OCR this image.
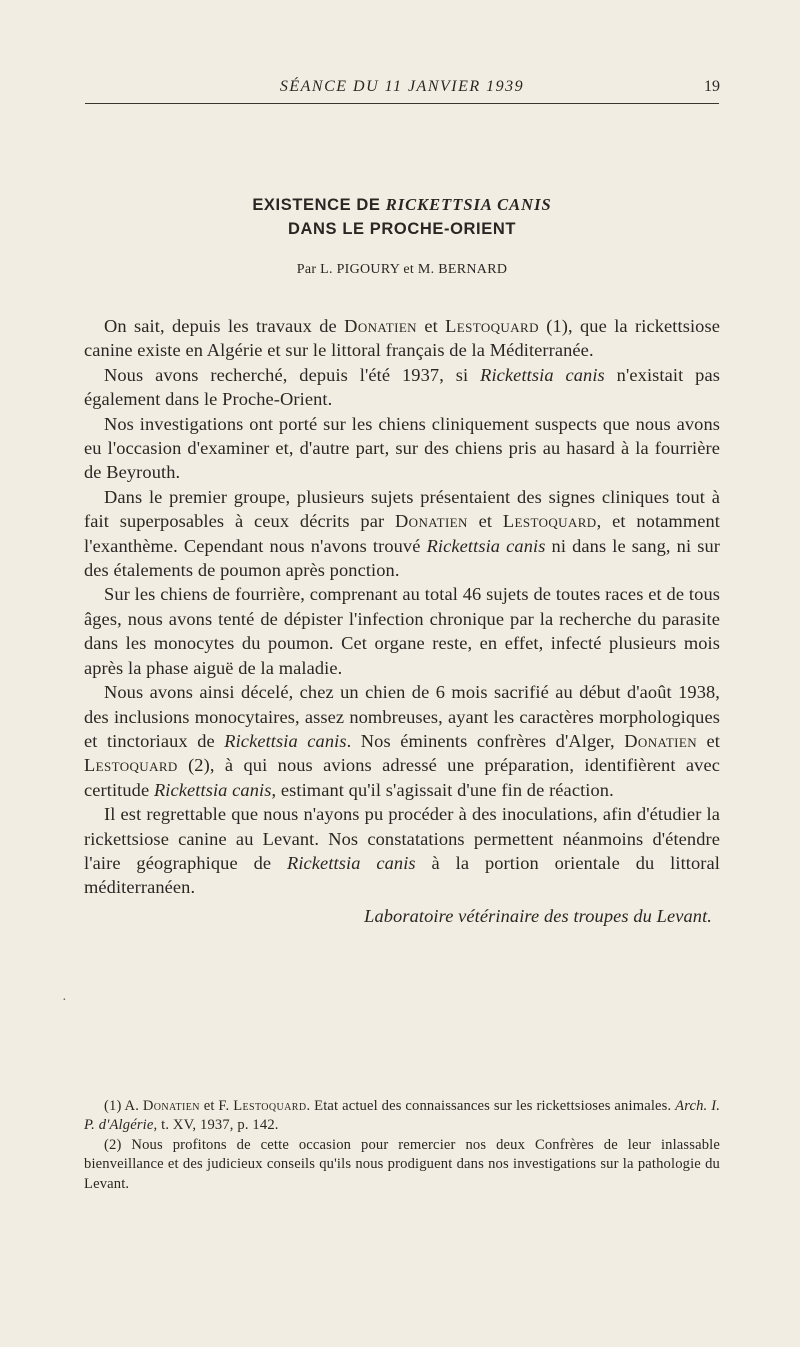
SÉANCE DU 11 JANVIER 1939	19
EXISTENCE DE RICKETTSIA CANIS
DANS LE PROCHE-ORIENT
Par L. PIGOURY et M. BERNARD

On sait, depuis les travaux de Donatien et Lestoquard (1), que la rickettsiose canine existe en Algérie et sur le littoral français de la Méditerranée.

Nous avons recherché, depuis l'été 1937, si Rickettsia canis n'existait pas également dans le Proche-Orient.

Nos investigations ont porté sur les chiens cliniquement suspects que nous avons eu l'occasion d'examiner et, d'autre part, sur des chiens pris au hasard à la fourrière de Beyrouth.

Dans le premier groupe, plusieurs sujets présentaient des signes cliniques tout à fait superposables à ceux décrits par Donatien et Lestoquard, et notamment l'exanthème. Cependant nous n'avons trouvé Rickettsia canis ni dans le sang, ni sur des étalements de poumon après ponction.

Sur les chiens de fourrière, comprenant au total 46 sujets de toutes races et de tous âges, nous avons tenté de dépister l'infection chronique par la recherche du parasite dans les monocytes du poumon. Cet organe reste, en effet, infecté plusieurs mois après la phase aiguë de la maladie.

Nous avons ainsi décelé, chez un chien de 6 mois sacrifié au début d'août 1938, des inclusions monocytaires, assez nombreuses, ayant les caractères morphologiques et tinctoriaux de Rickettsia canis. Nos éminents confrères d'Alger, Donatien et Lestoquard (2), à qui nous avions adressé une préparation, identifièrent avec certitude Rickettsia canis, estimant qu'il s'agissait d'une fin de réaction.

Il est regrettable que nous n'ayons pu procéder à des inoculations, afin d'étudier la rickettsiose canine au Levant. Nos constatations permettent néanmoins d'étendre l'aire géographique de Rickettsia canis à la portion orientale du littoral méditerranéen.

Laboratoire vétérinaire des troupes du Levant.

·

(1) A. Donatien et F. Lestoquard. Etat actuel des connaissances sur les rickettsioses animales. Arch. I. P. d'Algérie, t. XV, 1937, p. 142.

(2) Nous profitons de cette occasion pour remercier nos deux Confrères de leur inlassable bienveillance et des judicieux conseils qu'ils nous prodiguent dans nos investigations sur la pathologie du Levant.
